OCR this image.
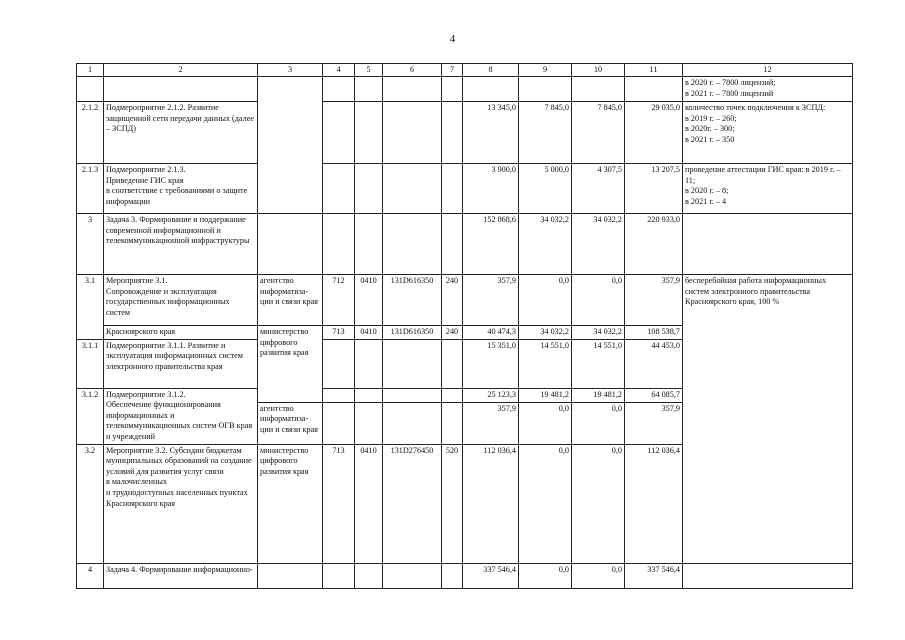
4
1	2	3	4	5	6	7	8	9	10	11	12	
											в 2020 г. – 7800 лицензий;
в 2021 г. – 7800 лицензий	
2.1.2	Подмероприятие 2.1.2. Развитие защищенной сети передачи данных (далее – ЗСПД)						13 345,0	7 845,0	7 845,0	29 035,0	количество точек подключения к ЗСПД:
в 2019 г. – 260;
в 2020г. – 300;
в 2021 г. – 350	
2.1.3	Подмероприятие 2.1.3.
Приведение ГИС края
в соответствие с требованиями о защите информации						3 900,0	5 000,0	4 307,5	13 207,5	проведение аттестации ГИС края: в 2019 г. – 11;
в 2020 г. – 8;
в 2021 г. – 4	
3	Задача 3. Формирование и поддержание современной информационной и телекоммуникационной инфраструктуры						152 868,6	34 032,2	34 032,2	220 933,0		
3.1	Мероприятие 3.1.
Сопровождение и эксплуатация государственных информационных систем	агентство информатиза-ции и связи края	712	0410	131D616350	240	357,9	0,0	0,0	357,9	бесперебойная работа информационных систем электронного правительства Красноярского края, 100 %	
	Красноярского края	министерство цифрового развития края	713	0410	131D616350	240	40 474,3	34 032,2	34 032,2	108 538,7		
3.1.1	Подмероприятие 3.1.1. Развитие и эксплуатация информационных систем электронного правительства края						15 351,0	14 551,0	14 551,0	44 453,0		
3.1.2	Подмероприятие 3.1.2.
Обеспечение функционирования информационных и телекоммуникационных систем ОГВ края и учреждений						25 123,3	19 481,2	19 481,2	64 085,7		
		агентство информатиза-ции и связи края					357,9	0,0	0,0	357,9		
3.2	Мероприятие 3.2. Субсидии бюджетам муниципальных образований на создание условий для развития услуг связи
в малочисленных
и труднодоступных населенных пунктах Красноярского края	министерство цифрового развития края	713	0410	131D276450	520	112 036,4	0,0	0,0	112 036,4	
4	Задача 4. Формирование информационно-						337 546,4	0,0	0,0	337 546,4		
